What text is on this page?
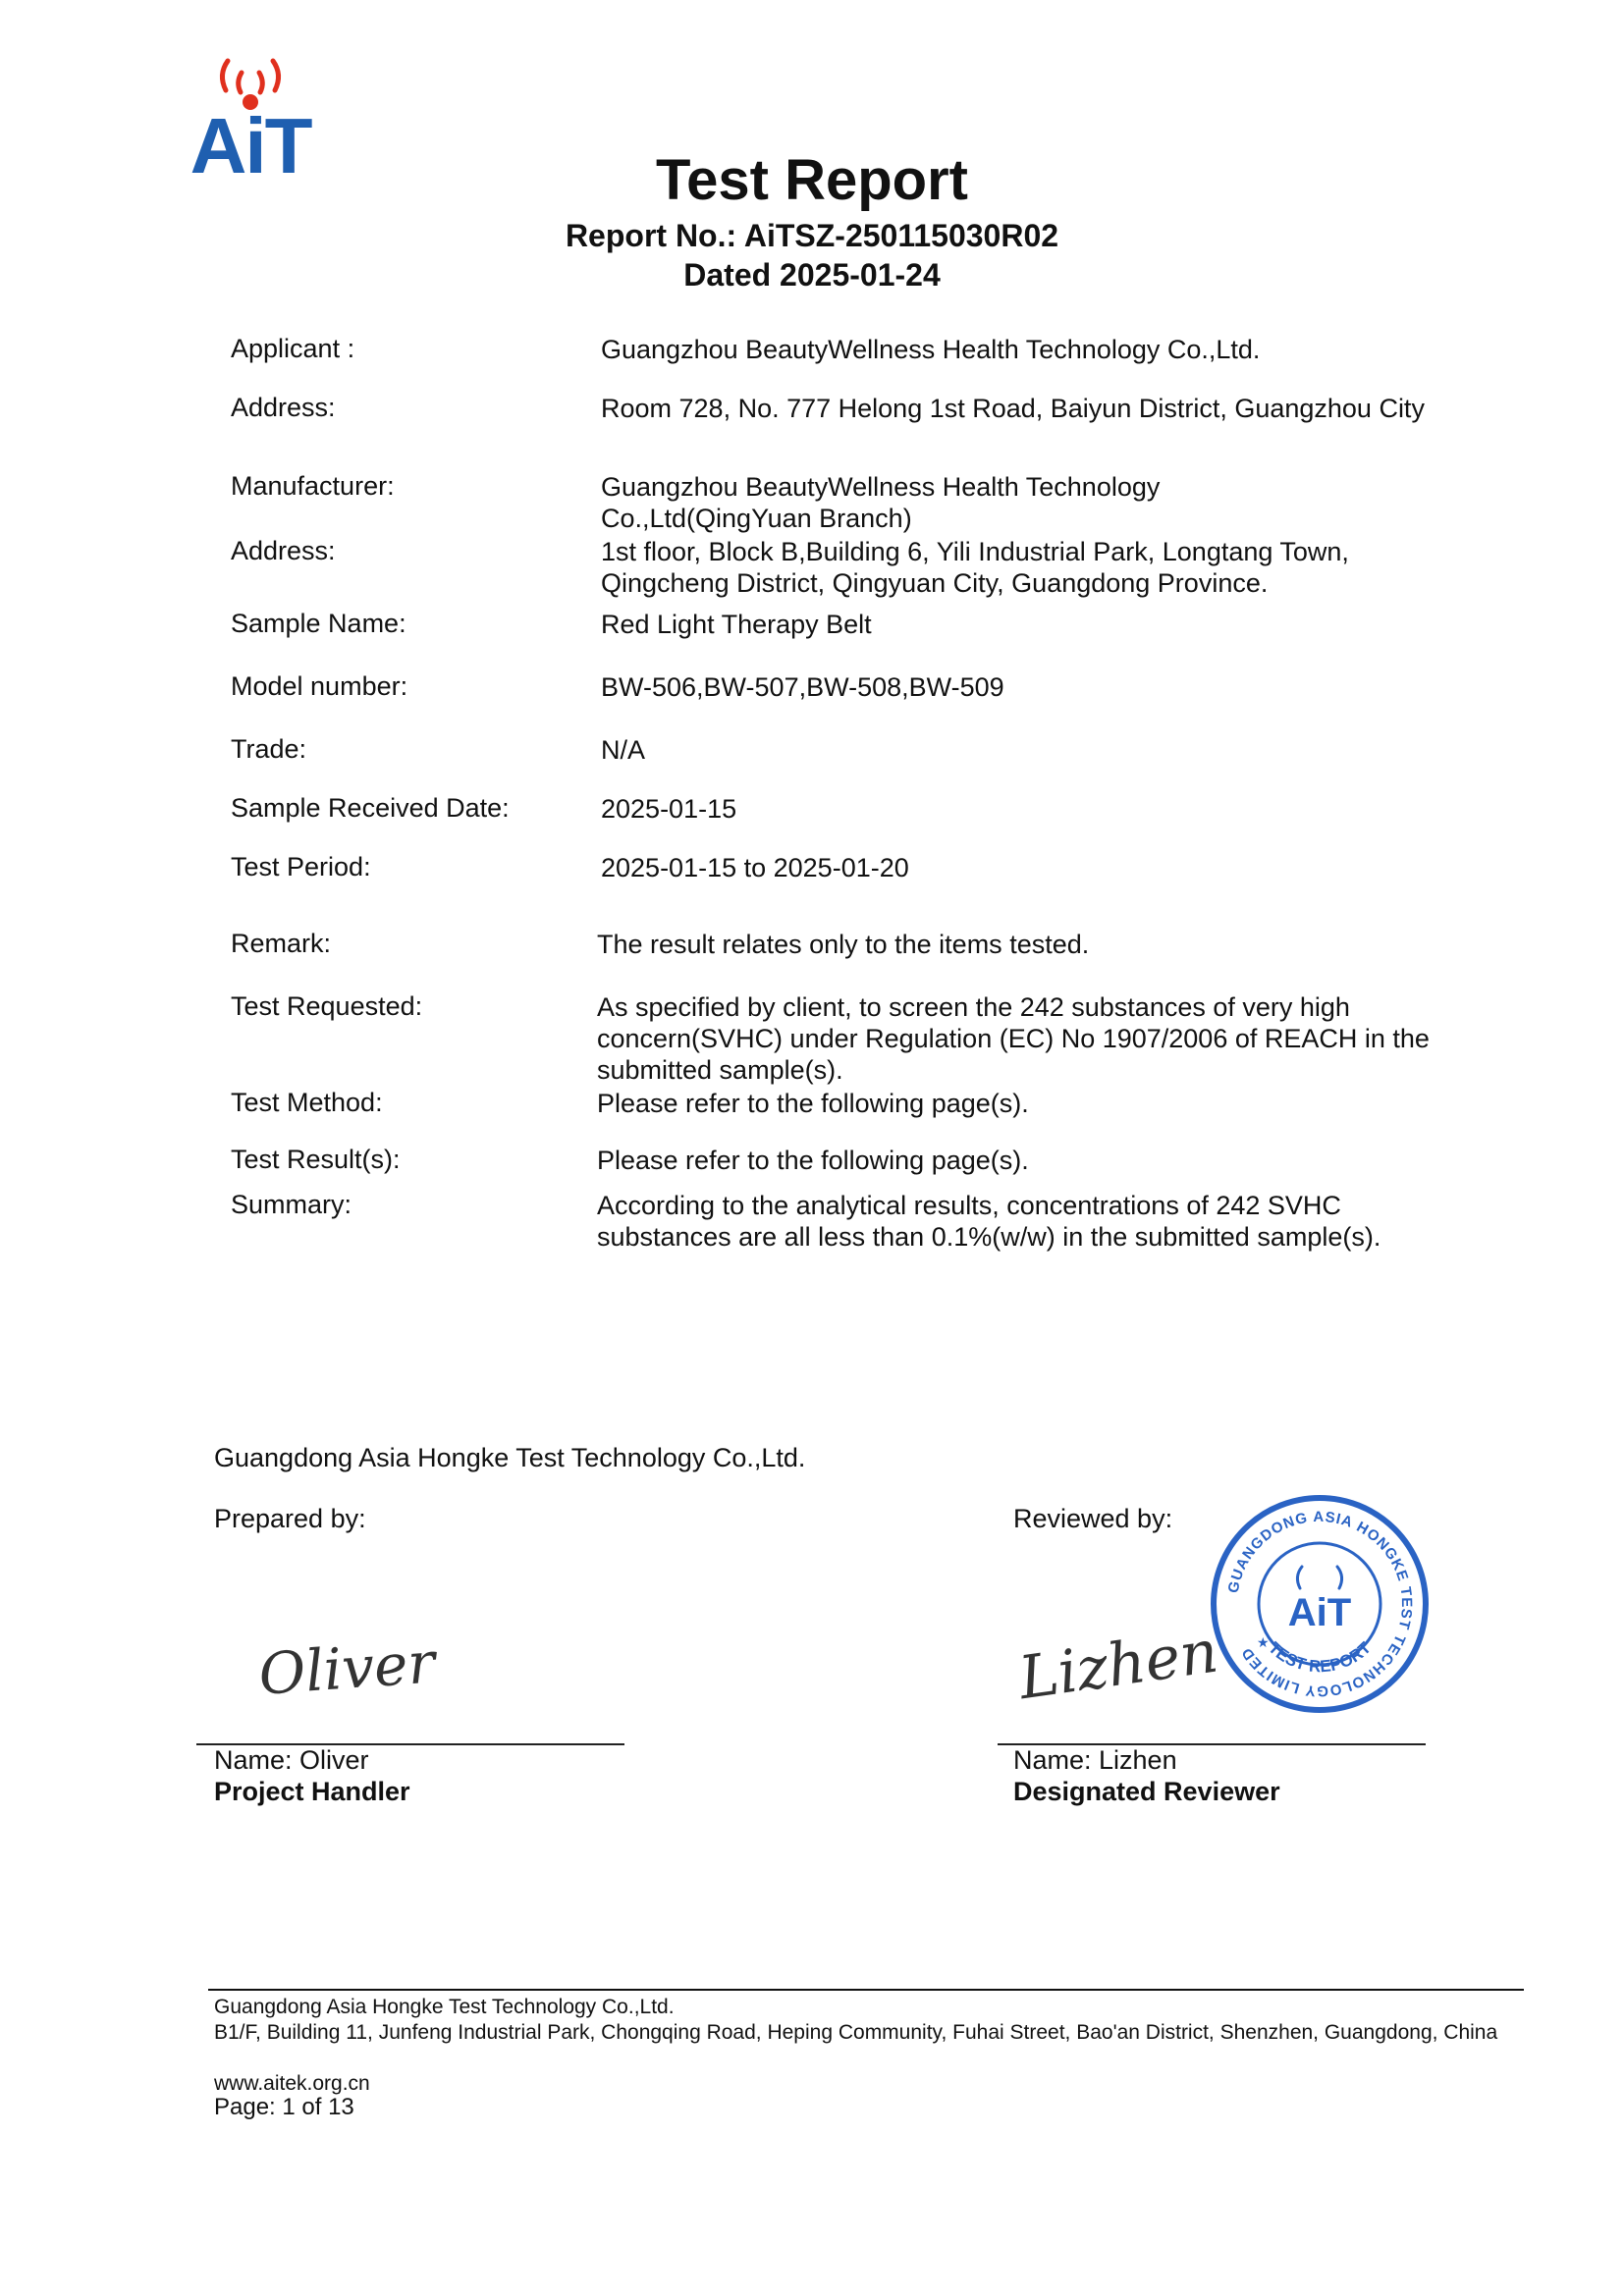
AiT	Test Report
Report No.: AiTSZ-250115030R02
Dated 2025-01-24
Applicant :	Guangzhou BeautyWellness Health Technology Co.,Ltd.
Address:	Room 728, No. 777 Helong 1st Road, Baiyun District, Guangzhou City
Manufacturer:	Guangzhou BeautyWellness Health Technology Co.,Ltd(QingYuan Branch)
Address:	1st floor, Block B,Building 6, Yili Industrial Park, Longtang Town, Qingcheng District, Qingyuan City, Guangdong Province.
Sample Name:	Red Light Therapy Belt
Model number:	BW-506,BW-507,BW-508,BW-509
Trade:	N/A
Sample Received Date:	2025-01-15
Test Period:	2025-01-15 to 2025-01-20
Remark:	The result relates only to the items tested.
Test Requested:	As specified by client, to screen the 242 substances of very high concern(SVHC) under Regulation (EC) No 1907/2006 of REACH in the submitted sample(s).
Test Method:	Please refer to the following page(s).
Test Result(s):	Please refer to the following page(s).
Summary:	According to the analytical results, concentrations of 242 SVHC substances are all less than 0.1%(w/w) in the submitted sample(s).
Guangdong Asia Hongke Test Technology Co.,Ltd.
Prepared by:	Reviewed by:
Oliver	Lizhen
GUANGDONG ASIA HONGKE TEST TECHNOLOGY LIMITED TEST REPORT
AiT
★
Name: Oliver
Project Handler
Name: Lizhen
Designated Reviewer
Guangdong Asia Hongke Test Technology Co.,Ltd.
B1/F, Building 11, Junfeng Industrial Park, Chongqing Road, Heping Community, Fuhai Street, Bao'an District, Shenzhen, Guangdong, China
www.aitek.org.cn
Page: 1 of 13
